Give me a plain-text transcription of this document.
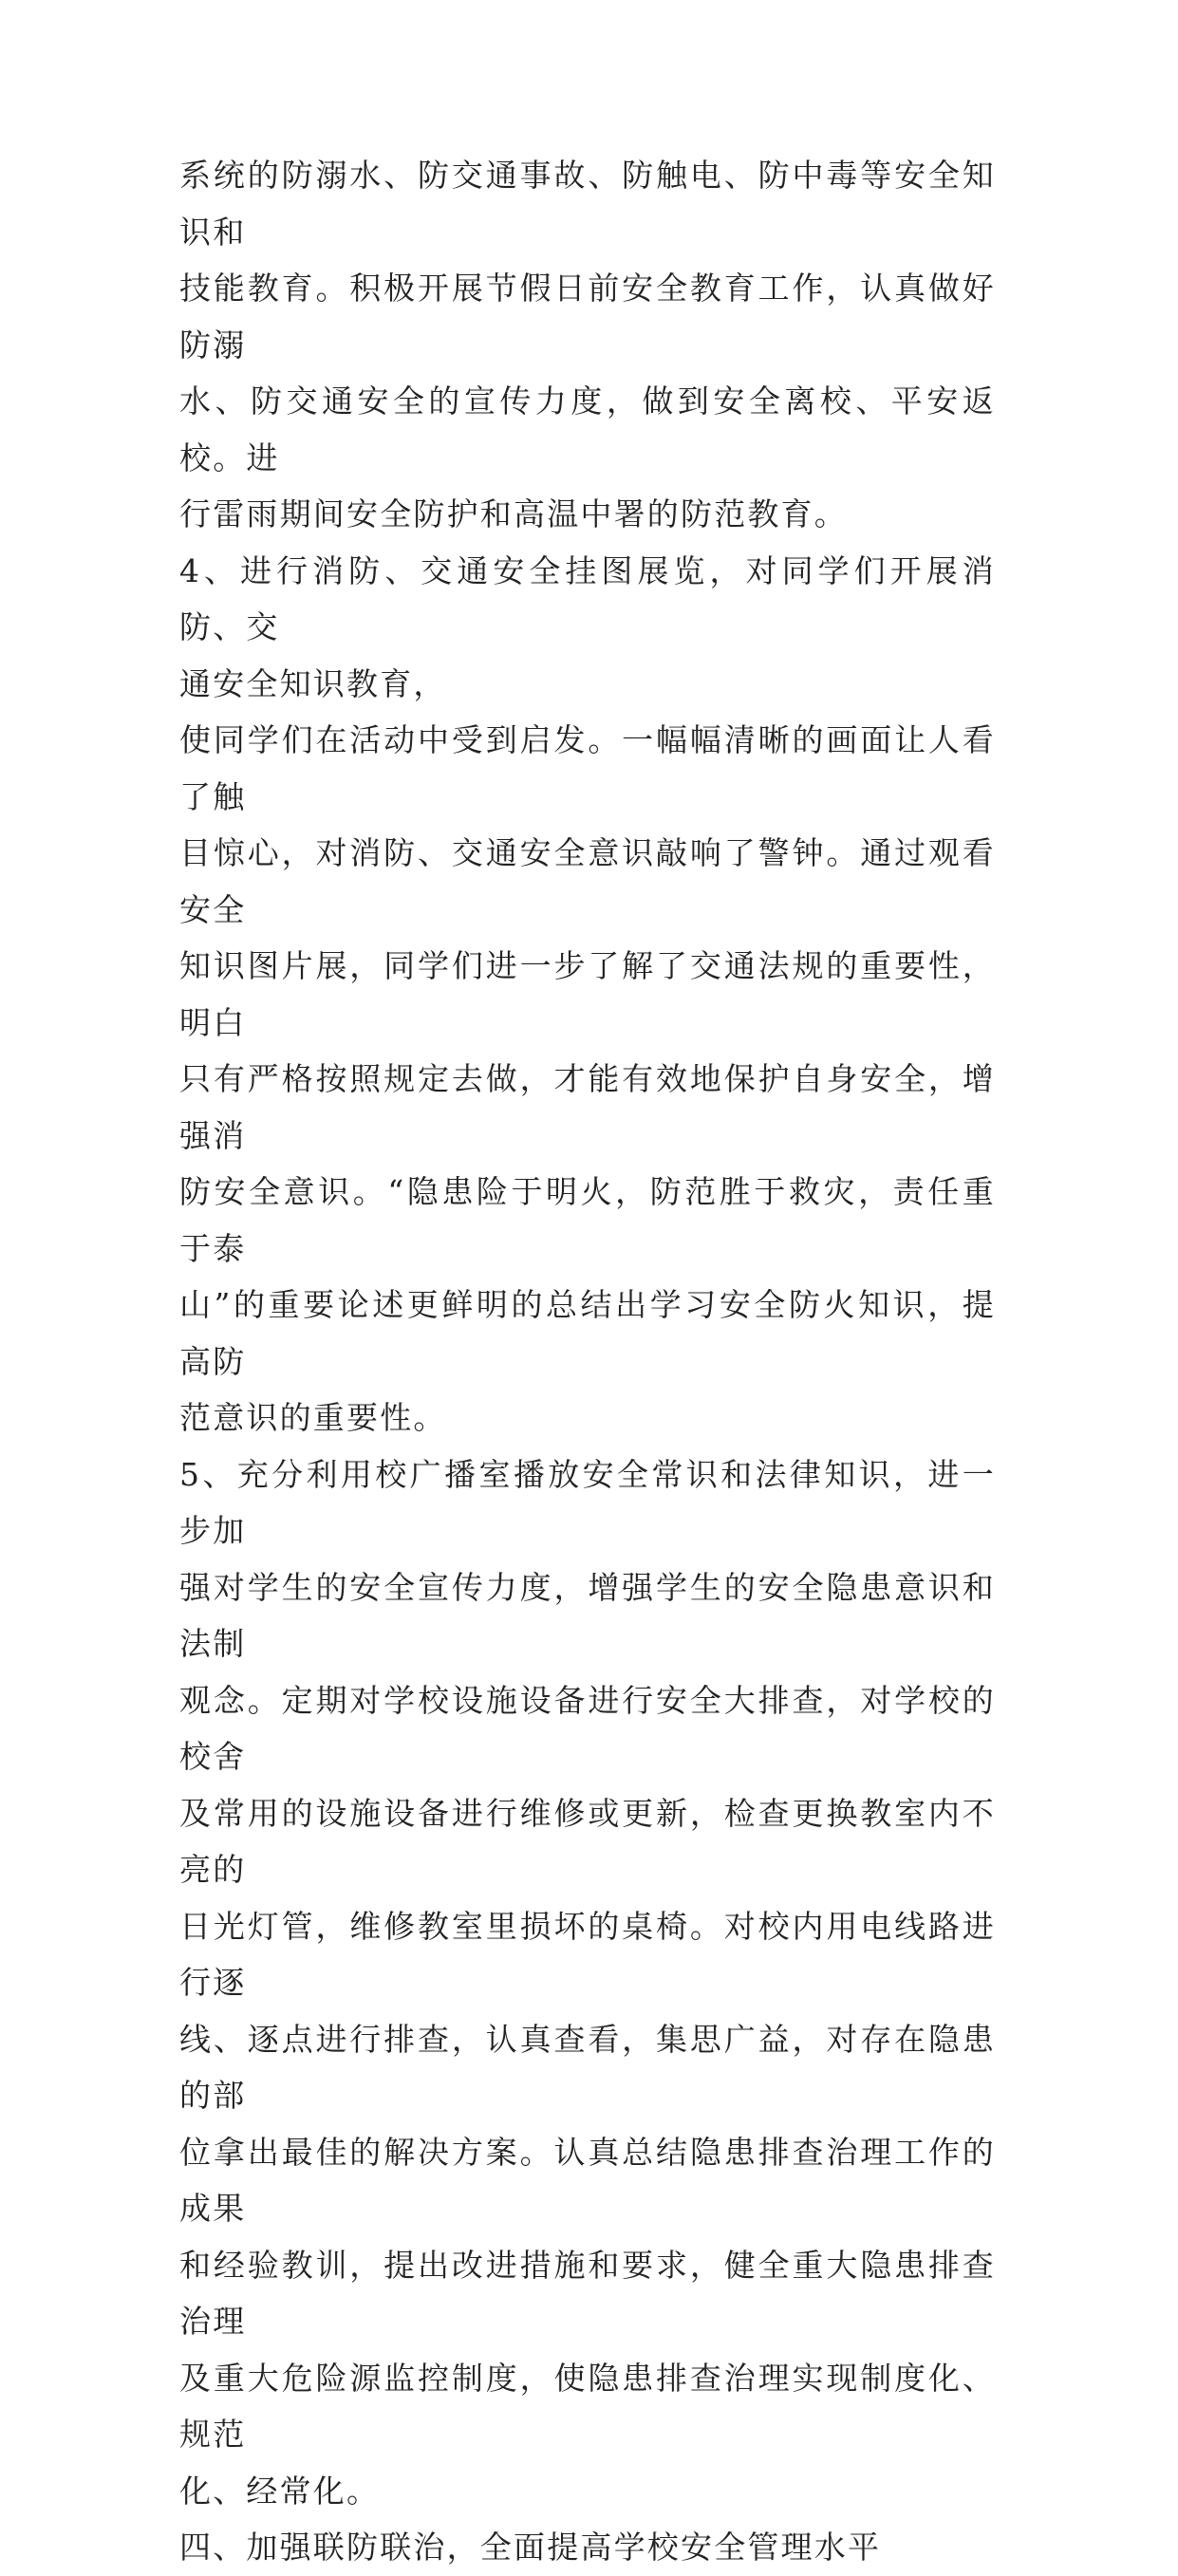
系统的防溺水、防交通事故、防触电、防中毒等安全知识和
技能教育。积极开展节假日前安全教育工作，认真做好防溺
水、防交通安全的宣传力度，做到安全离校、平安返校。进
行雷雨期间安全防护和高温中署的防范教育。

4、进行消防、交通安全挂图展览，对同学们开展消防、交
通安全知识教育，

使同学们在活动中受到启发。一幅幅清晰的画面让人看了触
目惊心，对消防、交通安全意识敲响了警钟。通过观看安全
知识图片展，同学们进一步了解了交通法规的重要性，明白
只有严格按照规定去做，才能有效地保护自身安全，增强消
防安全意识。“隐患险于明火，防范胜于救灾，责任重于泰
山”的重要论述更鲜明的总结出学习安全防火知识，提高防
范意识的重要性。

5、充分利用校广播室播放安全常识和法律知识，进一步加
强对学生的安全宣传力度，增强学生的安全隐患意识和法制
观念。定期对学校设施设备进行安全大排查，对学校的校舍
及常用的设施设备进行维修或更新，检查更换教室内不亮的
日光灯管，维修教室里损坏的桌椅。对校内用电线路进行逐
线、逐点进行排查，认真查看，集思广益，对存在隐患的部
位拿出最佳的解决方案。认真总结隐患排查治理工作的成果
和经验教训，提出改进措施和要求，健全重大隐患排查治理
及重大危险源监控制度，使隐患排查治理实现制度化、规范
化、经常化。

四、加强联防联治，全面提高学校安全管理水平
